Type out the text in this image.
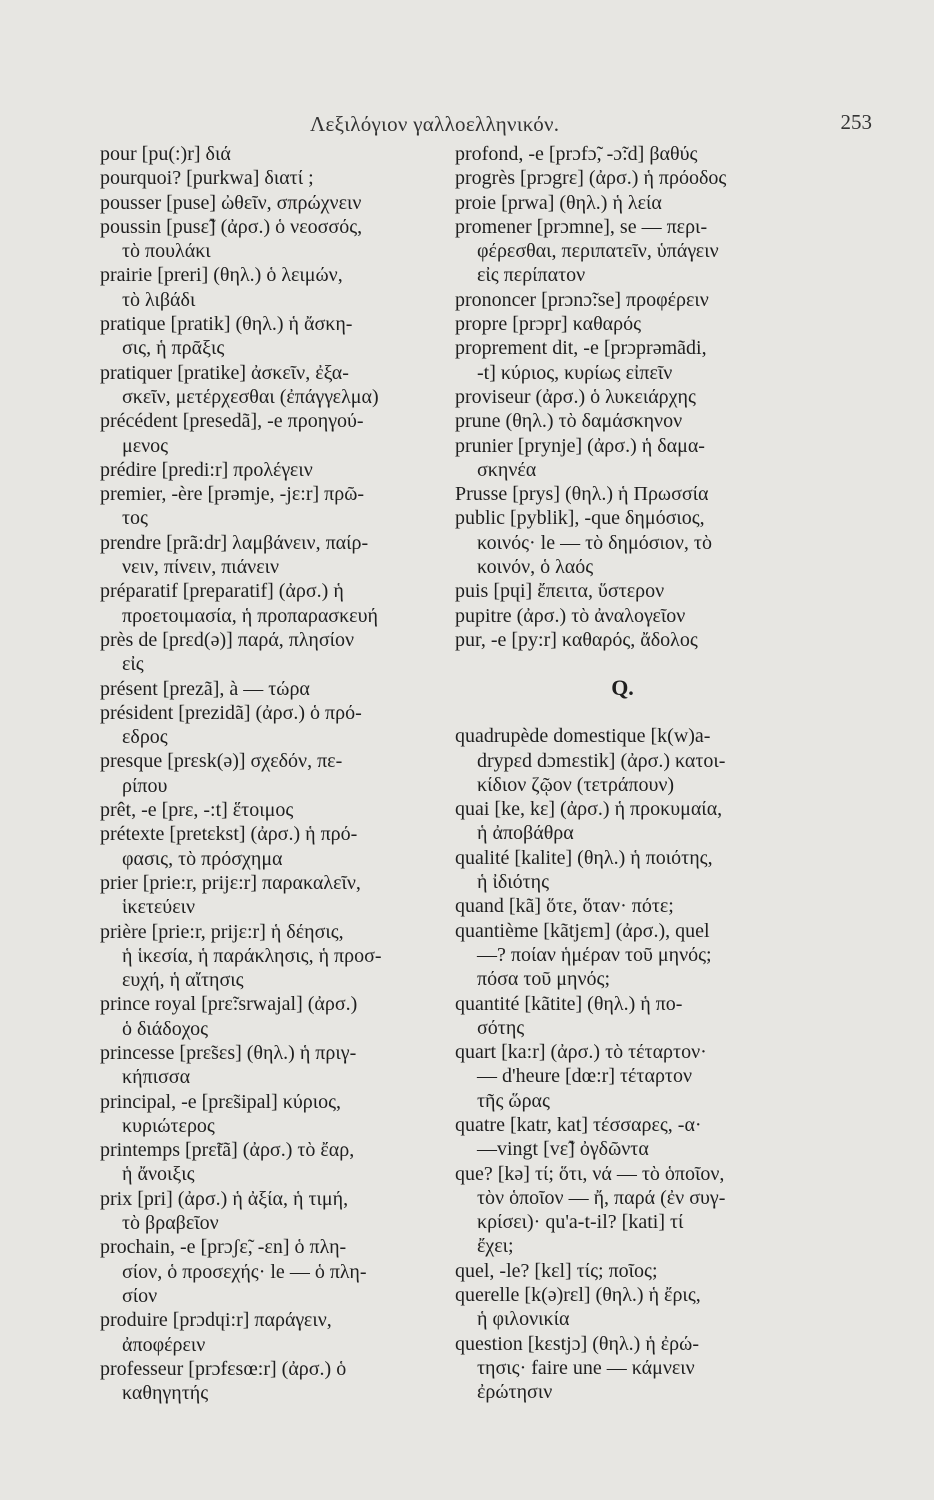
Λεξιλόγιον γαλλοελληνικόν.	253
pour [pu(:)r] διά
pourquoi? [purkwa] διατί ;
pousser [puse] ὠθεῖν, σπρώχνειν
poussin [pusɛ̃] (ἀρσ.) ὁ νεοσσός,
τὸ πουλάκι
prairie [preri] (θηλ.) ὁ λειμών,
τὸ λιβάδι
pratique [pratik] (θηλ.) ἡ ἄσκη-
σις, ἡ πρᾶξις
pratiquer [pratike] ἀσκεῖν, ἐξα-
σκεῖν, μετέρχεσθαι (ἐπάγγελμα)
précédent [presedã], -e προηγού-
μενος
prédire [predi:r] προλέγειν
premier, -ère [prəmje, -jɛ:r] πρῶ-
τος
prendre [prã:dr] λαμβάνειν, παίρ-
νειν, πίνειν, πιάνειν
préparatif [preparatif] (ἀρσ.) ἡ
προετοιμασία, ἡ προπαρασκευή
près de [prɛd(ə)] παρά, πλησίον
εἰς
présent [prezã], à — τώρα
président [prezidã] (ἀρσ.) ὁ πρό-
εδρος
presque [prɛsk(ə)] σχεδόν, πε-
ρίπου
prêt, -e [prɛ, -:t] ἕτοιμος
prétexte [pretɛkst] (ἀρσ.) ἡ πρό-
φασις, τὸ πρόσχημα
prier [prie:r, prijɛ:r] παρακαλεῖν,
ἱκετεύειν
prière [prie:r, prijɛ:r] ἡ δέησις,
ἡ ἱκεσία, ἡ παράκλησις, ἡ προσ-
ευχή, ἡ αἴτησις
prince royal [prɛ̃:srwajal] (ἀρσ.)
ὁ διάδοχος
princesse [prɛ̃sɛs] (θηλ.) ἡ πριγ-
κήπισσα
principal, -e [prɛ̃sipal] κύριος,
κυριώτερος
printemps [prɛ̃tã] (ἀρσ.) τὸ ἔαρ,
ἡ ἄνοιξις
prix [pri] (ἀρσ.) ἡ ἀξία, ἡ τιμή,
τὸ βραβεῖον
prochain, -e [prɔʃɛ̃, -ɛn] ὁ πλη-
σίον, ὁ προσεχής· le — ὁ πλη-
σίον
produire [prɔdɥi:r] παράγειν,
ἀποφέρειν
professeur [prɔfɛsœ:r] (ἀρσ.) ὁ
καθηγητής
profond, -e [prɔfɔ̃, -ɔ̃:d] βαθύς
progrès [prɔgrɛ] (ἀρσ.) ἡ πρόοδος
proie [prwa] (θηλ.) ἡ λεία
promener [prɔmne], se — περι-
φέρεσθαι, περιπατεῖν, ὑπάγειν
εἰς περίπατον
prononcer [prɔnɔ̃:se] προφέρειν
propre [prɔpr] καθαρός
proprement dit, -e [prɔprəmãdi,
-t] κύριος, κυρίως εἰπεῖν
proviseur (ἀρσ.) ὁ λυκειάρχης
prune (θηλ.) τὸ δαμάσκηνον
prunier [prynje] (ἀρσ.) ἡ δαμα-
σκηνέα
Prusse [prys] (θηλ.) ἡ Πρωσσία
public [pyblik], -que δημόσιος,
κοινός· le — τὸ δημόσιον, τὸ
κοινόν, ὁ λαός
puis [pɥi] ἔπειτα, ὕστερον
pupitre (ἀρσ.) τὸ ἀναλογεῖον
pur, -e [py:r] καθαρός, ἄδολος
Q.
quadrupède domestique [k(w)a-
drypɛd dɔmɛstik] (ἀρσ.) κατοι-
κίδιον ζῷον (τετράπουν)
quai [ke, kɛ] (ἀρσ.) ἡ προκυμαία,
ἡ ἀποβάθρα
qualité [kalite] (θηλ.) ἡ ποιότης,
ἡ ἰδιότης
quand [kã] ὅτε, ὅταν· πότε;
quantième [kãtjɛm] (ἀρσ.), quel
—? ποίαν ἡμέραν τοῦ μηνός;
πόσα τοῦ μηνός;
quantité [kãtite] (θηλ.) ἡ πο-
σότης
quart [ka:r] (ἀρσ.) τὸ τέταρτον·
— d'heure [dœ:r] τέταρτον
τῆς ὥρας
quatre [katr, kat] τέσσαρες, -α·
—vingt [vɛ̃] ὀγδῶντα
que? [kə] τί; ὅτι, νά — τὸ ὁποῖον,
τὸν ὁποῖον — ἤ, παρά (ἐν συγ-
κρίσει)· qu'a-t-il? [kati] τί
ἔχει;
quel, -le? [kɛl] τίς; ποῖος;
querelle [k(ə)rɛl] (θηλ.) ἡ ἔρις,
ἡ φιλονικία
question [kɛstjɔ] (θηλ.) ἡ ἐρώ-
τησις· faire une — κάμνειν
ἐρώτησιν
